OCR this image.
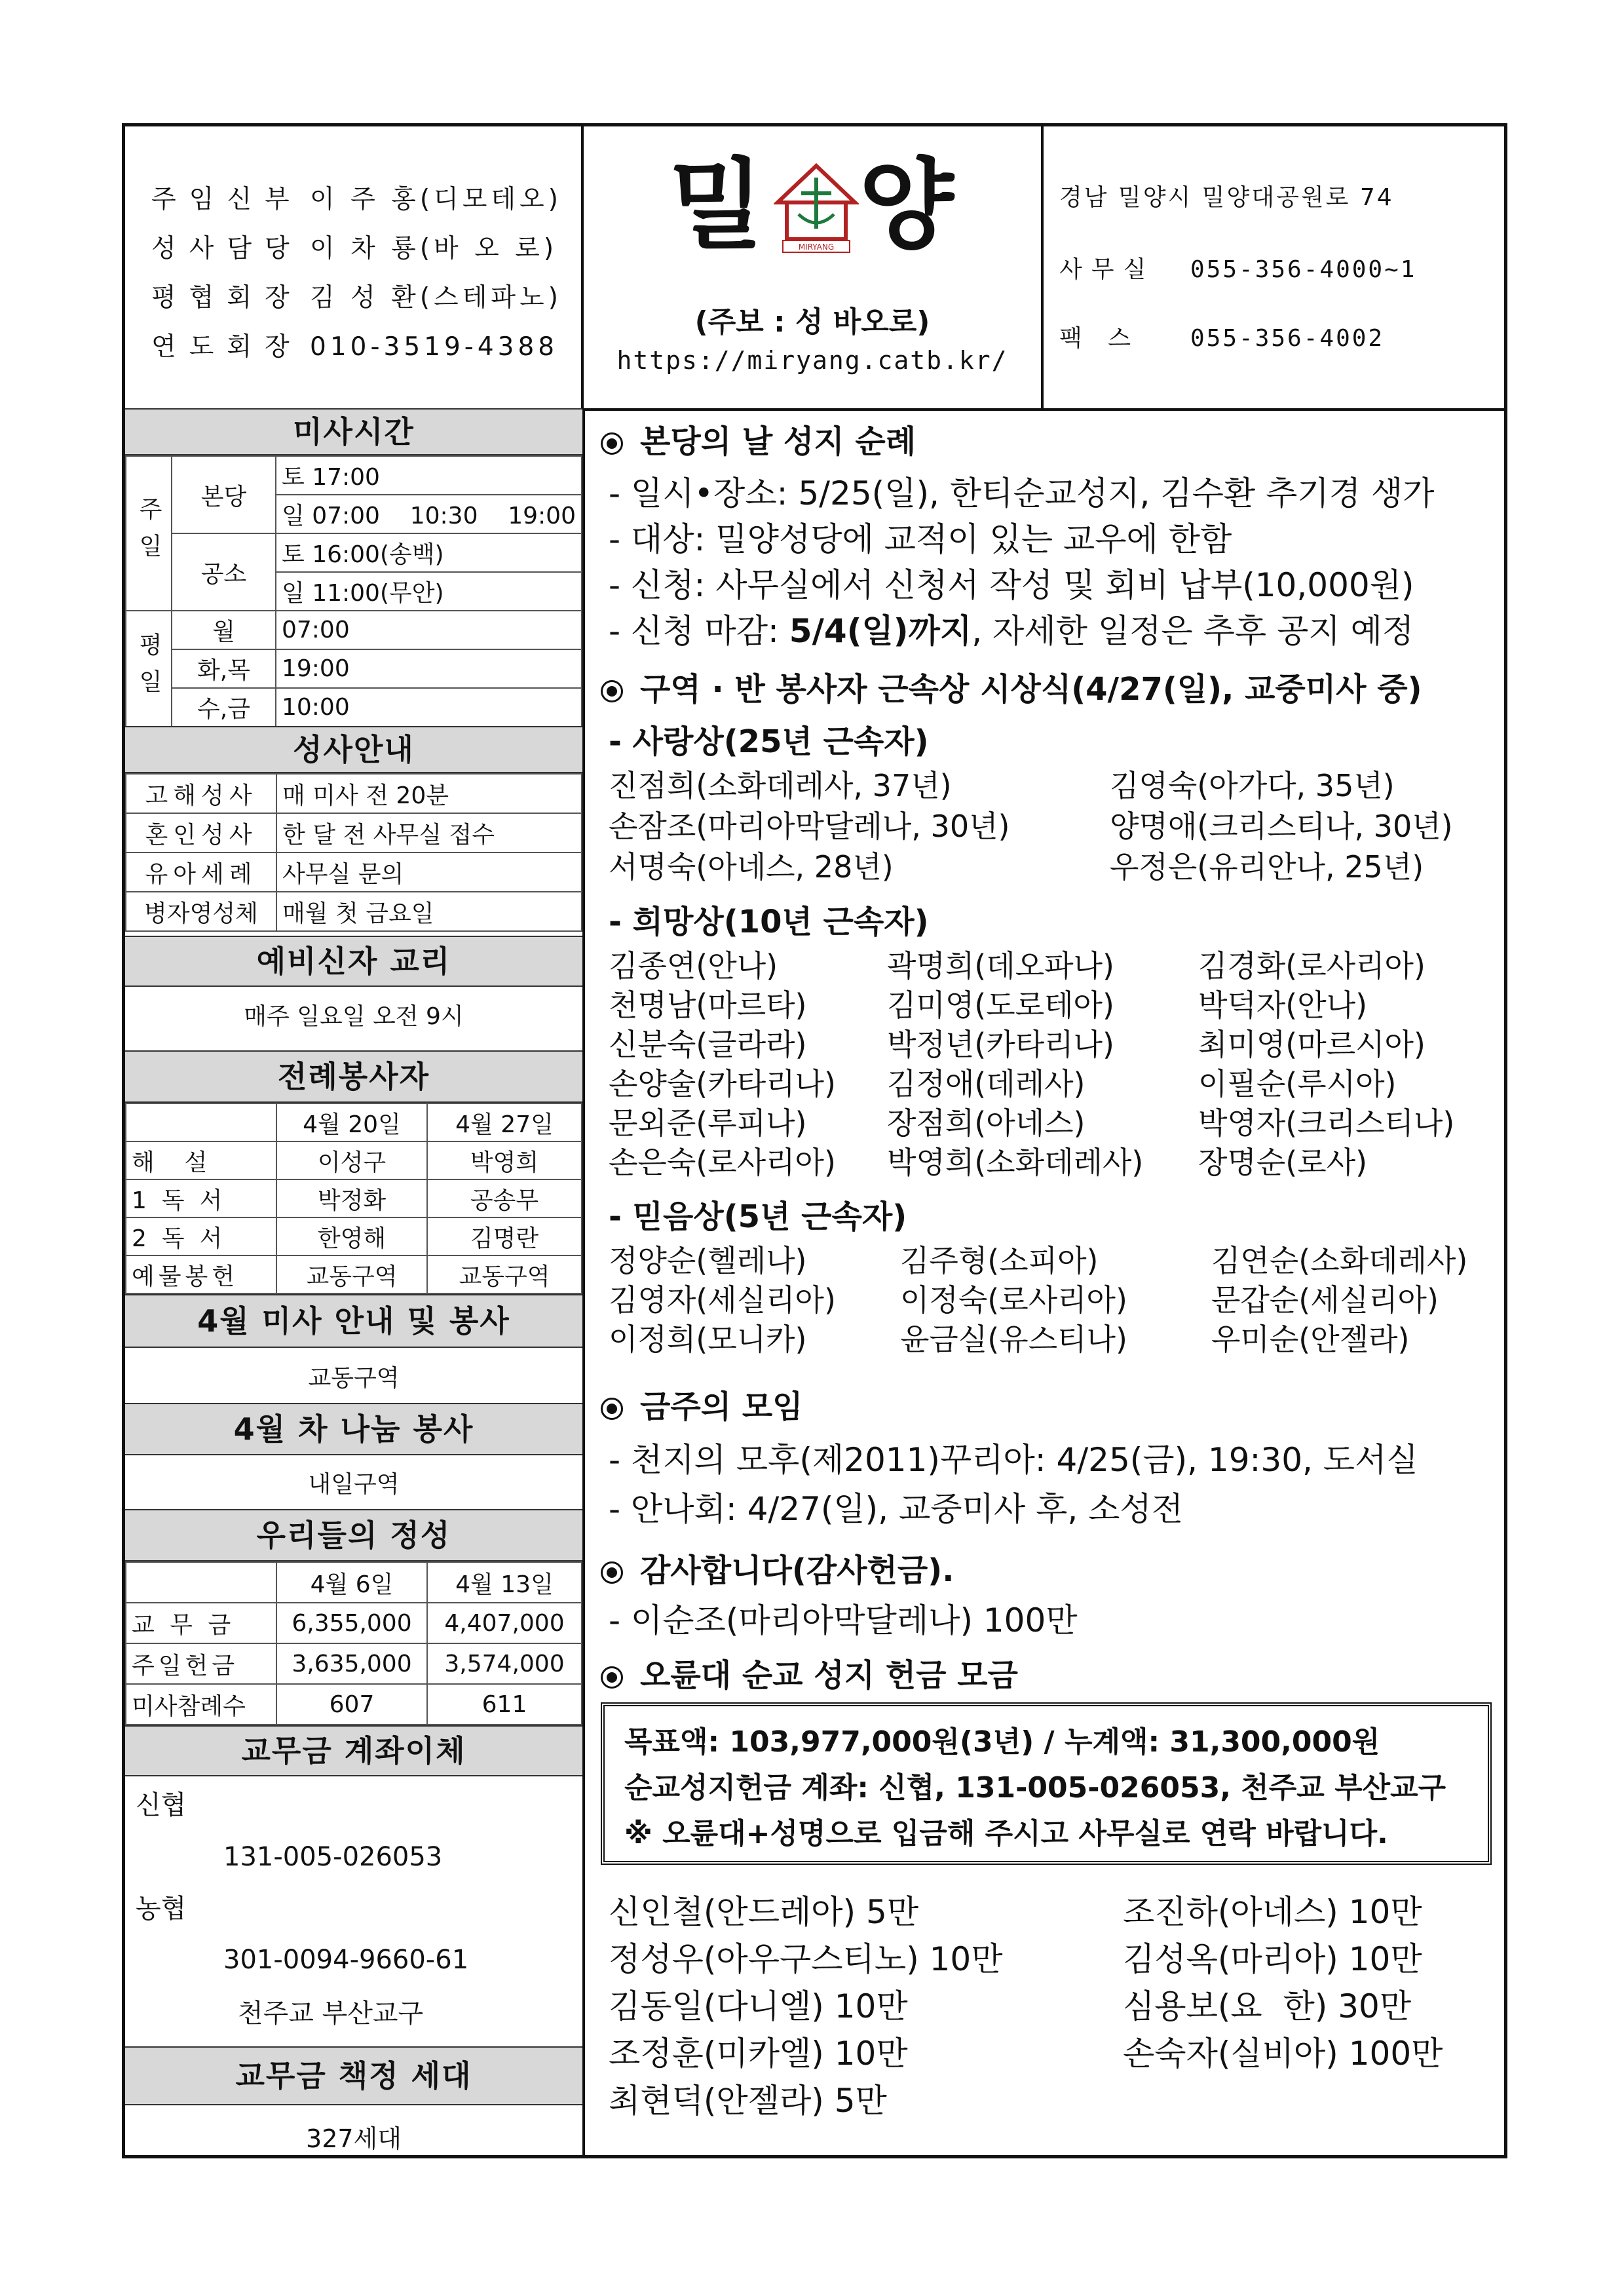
주임신부 이 주 홍(디모테오)
성사담당 이 차 룡(바 오 로)
평협회장 김 성 환(스테파노)
연도회장 010-3519-4388
밀	MIRYANG 양
(주보 : 성 바오로)
https://miryang.catb.kr/
경남 밀양시 밀양대공원로 74
사무실 055-356-4000~1
팩 스 055-356-4002
미사시간
주일	본당	토 17:00
		일 07:00    10:30    19:00
	공소	토 16:00(송백)
		일 11:00(무안)
평일	월	07:00
	화,목	19:00
	수,금	10:00
성사안내
고해성사	매 미사 전 20분
혼인성사	한 달 전 사무실 접수
유아세례	사무실 문의
병자영성체	매월 첫 금요일
예비신자 교리
매주 일요일 오전 9시
전례봉사자
	4월 20일	4월 27일
해    설	이성구	박영희
1  독  서	박정화	공송무
2  독  서	한영해	김명란
예물봉헌	교동구역	교동구역
4월 미사 안내 및 봉사
교동구역
4월 차 나눔 봉사
내일구역
우리들의 정성
	4월 6일	4월 13일
교 무 금	6,355,000	4,407,000
주일헌금	3,635,000	3,574,000
미사참례수	607	611
교무금 계좌이체
신협
131-005-026053
농협
301-0094-9660-61
천주교 부산교구
교무금 책정 세대
327세대
본당의 날 성지 순례
- 일시•장소: 5/25(일), 한티순교성지, 김수환 추기경 생가
- 대상: 밀양성당에 교적이 있는 교우에 한함
- 신청: 사무실에서 신청서 작성 및 회비 납부(10,000원)
- 신청 마감: 5/4(일)까지, 자세한 일정은 추후 공지 예정
구역 · 반 봉사자 근속상 시상식(4/27(일), 교중미사 중)
- 사랑상(25년 근속자)
진점희(소화데레사, 37년)	김영숙(아가다, 35년)
손잠조(마리아막달레나, 30년)	양명애(크리스티나, 30년)
서명숙(아네스, 28년)	우정은(유리안나, 25년)
- 희망상(10년 근속자)
김종연(안나)	곽명희(데오파나)	김경화(로사리아)
천명남(마르타)	김미영(도로테아)	박덕자(안나)
신분숙(글라라)	박정년(카타리나)	최미영(마르시아)
손양술(카타리나) 김정애(데레사)	이필순(루시아)
문외준(루피나)	장점희(아네스)	박영자(크리스티나)
손은숙(로사리아) 박영희(소화데레사) 장명순(로사)
- 믿음상(5년 근속자)
정양순(헬레나)	김주형(소피아)	김연순(소화데레사)
김영자(세실리아) 이정숙(로사리아)	문갑순(세실리아)
이정희(모니카)	윤금실(유스티나)	우미순(안젤라)
금주의 모임
- 천지의 모후(제2011)꾸리아: 4/25(금), 19:30, 도서실
- 안나회: 4/27(일), 교중미사 후, 소성전
감사합니다(감사헌금).
- 이순조(마리아막달레나) 100만
오륜대 순교 성지 헌금 모금
목표액: 103,977,000원(3년) / 누계액: 31,300,000원
순교성지헌금 계좌: 신협, 131-005-026053, 천주교 부산교구
※ 오륜대+성명으로 입금해 주시고 사무실로 연락 바랍니다.
신인철(안드레아) 5만	조진하(아네스) 10만
정성우(아우구스티노) 10만	김성옥(마리아) 10만
김동일(다니엘) 10만	심용보(요  한) 30만
조정훈(미카엘) 10만	손숙자(실비아) 100만
최현덕(안젤라) 5만
